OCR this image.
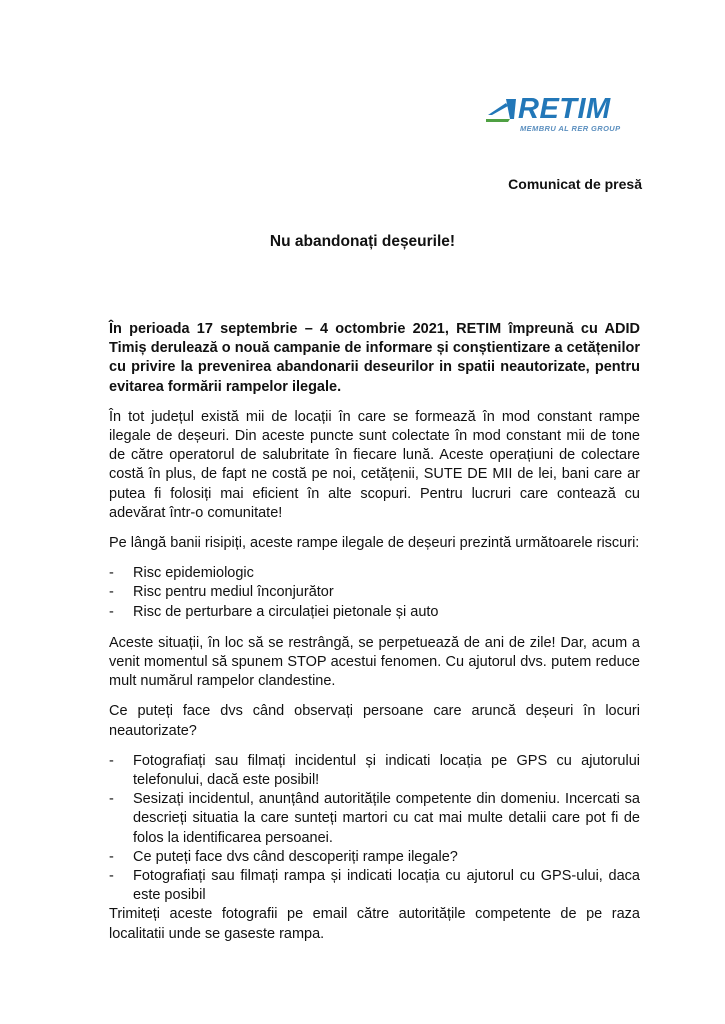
RETIM
MEMBRU AL RER GROUP
Comunicat de presă
Nu abandonați deșeurile!

În perioada 17 septembrie – 4 octombrie 2021, RETIM împreună cu ADID Timiș derulează o nouă campanie de informare și conștientizare a cetățenilor cu privire la prevenirea abandonarii deseurilor in spatii neautorizate, pentru evitarea formării rampelor ilegale.

În tot județul există mii de locații în care se formează în mod constant rampe ilegale de deșeuri. Din aceste puncte sunt colectate în mod constant mii de tone de către operatorul de salubritate în fiecare lună. Aceste operațiuni de colectare costă în plus, de fapt ne costă pe noi, cetățenii, SUTE DE MII de lei, bani care ar putea fi folosiți mai eficient în alte scopuri. Pentru lucruri care contează cu adevărat într-o comunitate!

Pe lângă banii risipiți, aceste rampe ilegale de deșeuri prezintă următoarele riscuri:

- Risc epidemiologic
- Risc pentru mediul înconjurător
- Risc de perturbare a circulației pietonale și auto

Aceste situații, în loc să se restrângă, se perpetuează de ani de zile! Dar, acum a venit momentul să spunem STOP acestui fenomen. Cu ajutorul dvs. putem reduce mult numărul rampelor clandestine.

Ce puteți face dvs când observați persoane care aruncă deșeuri în locuri neautorizate?

- Fotografiați sau filmați incidentul și indicati locația pe GPS cu ajutorului telefonului, dacă este posibil!
- Sesizați incidentul, anunțând autoritățile competente din domeniu. Incercati sa descrieți situatia la care sunteți martori cu cat mai multe detalii care pot fi de folos la identificarea persoanei.
- Ce puteți face dvs când descoperiți rampe ilegale?
- Fotografiați sau filmați rampa și indicati locația cu ajutorul cu GPS-ului, daca este posibil

Trimiteți aceste fotografii pe email către autoritățile competente de pe raza localitatii unde se gaseste rampa.
